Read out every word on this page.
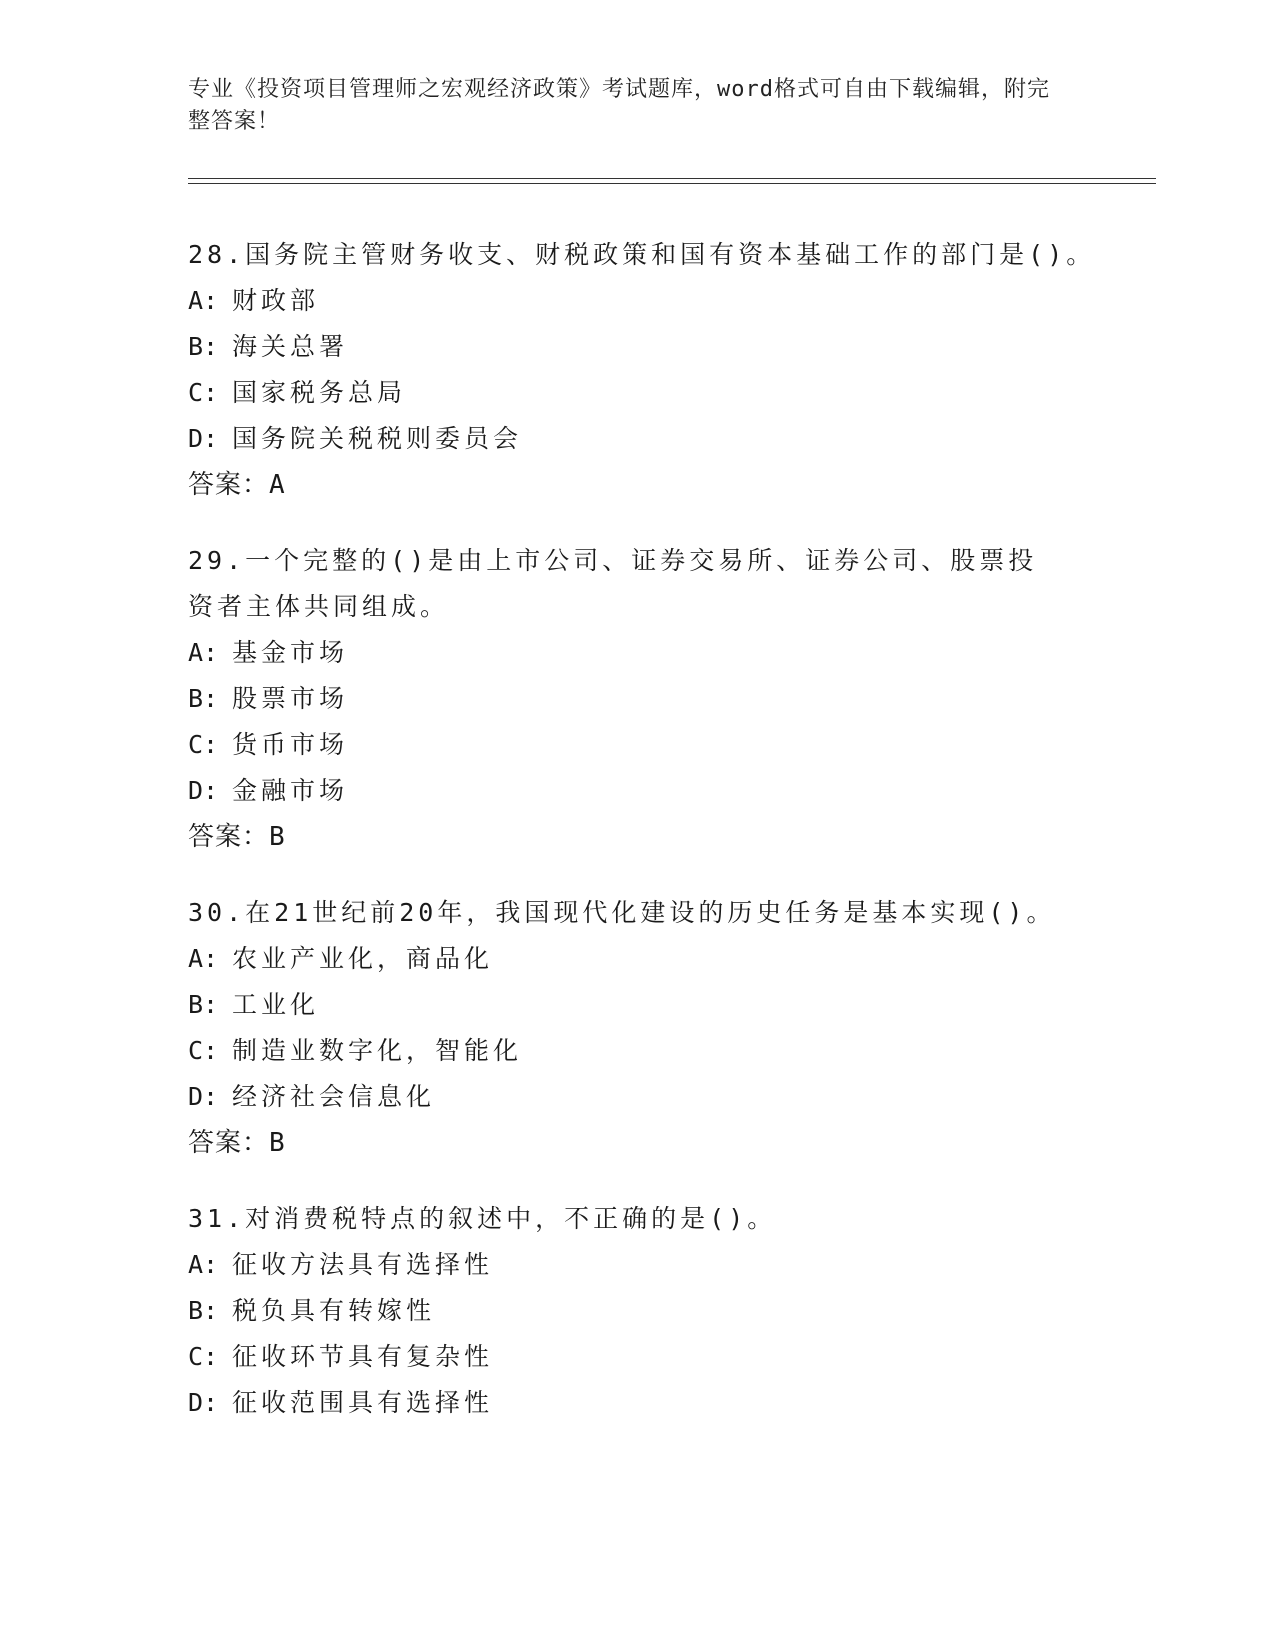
专业《投资项目管理师之宏观经济政策》考试题库，word格式可自由下载编辑，附完整答案！

28.国务院主管财务收支、财税政策和国有资本基础工作的部门是()。

A: 财政部

B: 海关总署

C: 国家税务总局

D: 国务院关税税则委员会

答案：A

29.一个完整的()是由上市公司、证券交易所、证券公司、股票投资者主体共同组成。

A: 基金市场

B: 股票市场

C: 货币市场

D: 金融市场

答案：B

30.在21世纪前20年，我国现代化建设的历史任务是基本实现()。

A: 农业产业化，商品化

B: 工业化

C: 制造业数字化，智能化

D: 经济社会信息化

答案：B

31.对消费税特点的叙述中，不正确的是()。

A: 征收方法具有选择性

B: 税负具有转嫁性

C: 征收环节具有复杂性

D: 征收范围具有选择性
